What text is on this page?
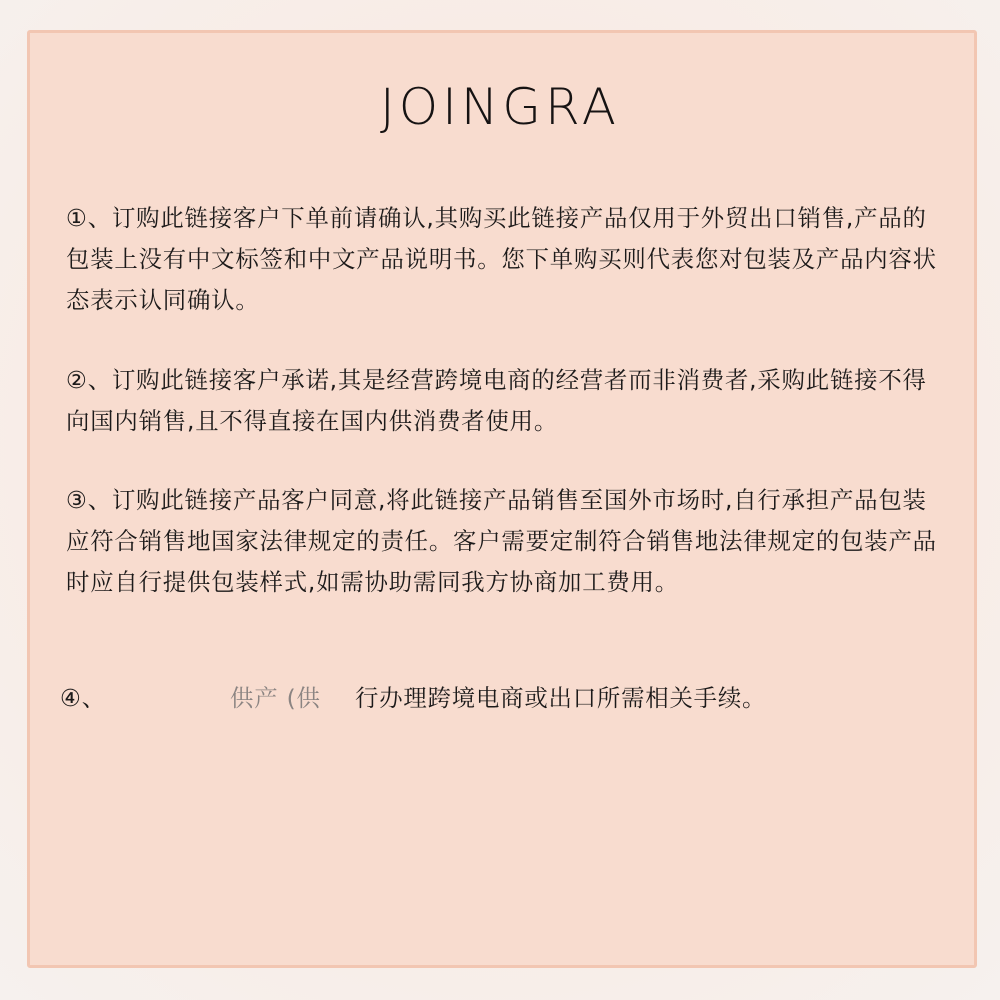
JOINGRA

①、订购此链接客户下单前请确认,其购买此链接产品仅用于外贸出口销售,产品的包装上没有中文标签和中文产品说明书。您下单购买则代表您对包装及产品内容状态表示认同确认。

②、订购此链接客户承诺,其是经营跨境电商的经营者而非消费者,采购此链接不得向国内销售,且不得直接在国内供消费者使用。

③、订购此链接产品客户同意,将此链接产品销售至国外市场时,自行承担产品包装应符合销售地国家法律规定的责任。客户需要定制符合销售地法律规定的包装产品时应自行提供包装样式,如需协助需同我方协商加工费用。

④、	供产 (供 行办理跨境电商或出口所需相关手续。
